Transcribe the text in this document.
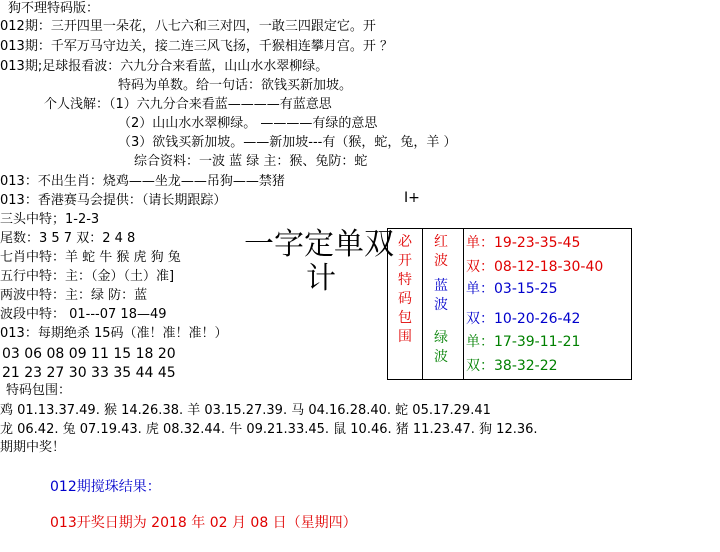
狗不理特码版：
012期：三开四里一朵花，八七六和三对四，一敢三四跟定它。开
013期：千军万马守边关，接二连三风飞扬，千猴相连攀月宫。开 ？
013期;足球报看波：六九分合来看蓝，山山水水翠柳绿。
特码为单数。给一句话：欲钱买新加坡。
个人浅解：（1）六九分合来看蓝————有蓝意思
（2）山山水水翠柳绿。 ————有绿的意思
（3）欲钱买新加坡。——新加坡---有（猴，蛇，兔，羊 ）
综合资料：一波 蓝 绿 主：猴、兔防：蛇
013：不出生肖：烧鸡——坐龙——吊狗——禁猪
013：香港赛马会提供：（请长期跟踪）
三头中特；1-2-3
尾数：3 5 7 双：2 4 8
七肖中特：羊 蛇 牛 猴 虎 狗 兔
五行中特：主：（金）（土）准]
两波中特：主：绿 防：蓝
波段中特： 01---07 18—49
013：每期绝杀 15码（准！准！准！）
03 06 08 09 11 15 18 20
21 23 27 30 33 35 44 45
特码包围：
鸡 01.13.37.49. 猴 14.26.38. 羊 03.15.27.39. 马 04.16.28.40. 蛇 05.17.29.41
龙 06.42. 兔 07.19.43. 虎 08.32.44. 牛 09.21.33.45. 鼠 10.46. 猪 11.23.47. 狗 12.36.
期期中奖！
一字定单双
计
I+
必开特码包围
红波
蓝波
绿波
单：19-23-35-45
双：08-12-18-30-40
单：03-15-25
双：10-20-26-42
单：17-39-11-21
双：38-32-22
012期搅珠结果：
013开奖日期为 2018 年 02 月 08 日（星期四）
